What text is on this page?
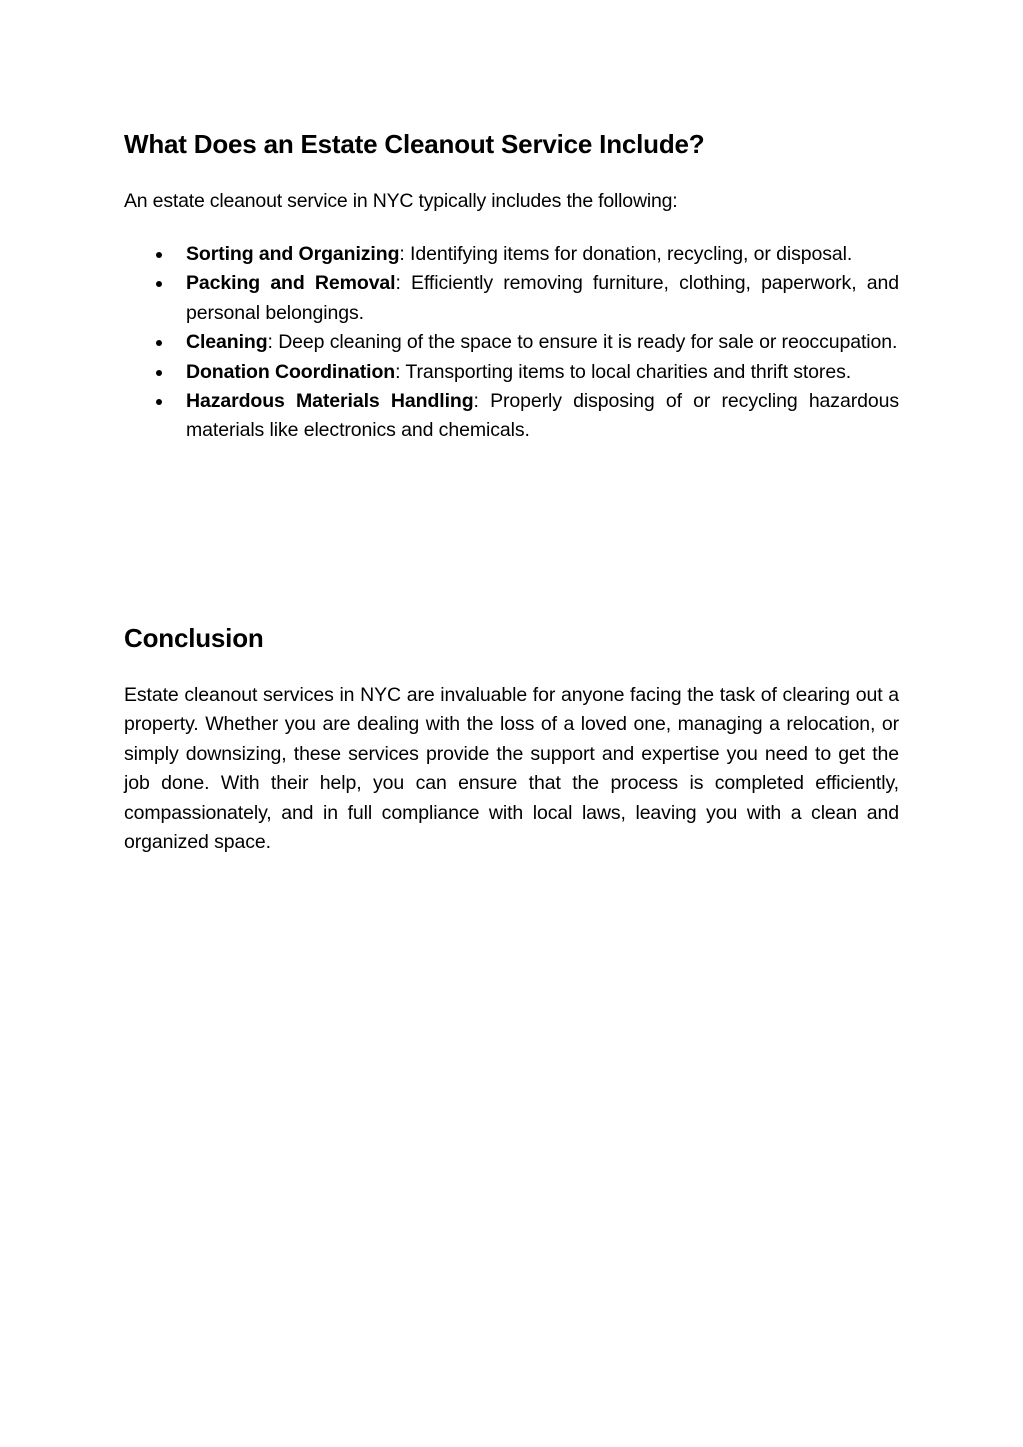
What Does an Estate Cleanout Service Include?
An estate cleanout service in NYC typically includes the following:
Sorting and Organizing: Identifying items for donation, recycling, or disposal.
Packing and Removal: Efficiently removing furniture, clothing, paperwork, and personal belongings.
Cleaning: Deep cleaning of the space to ensure it is ready for sale or reoccupation.
Donation Coordination: Transporting items to local charities and thrift stores.
Hazardous Materials Handling: Properly disposing of or recycling hazardous materials like electronics and chemicals.
Conclusion
Estate cleanout services in NYC are invaluable for anyone facing the task of clearing out a property. Whether you are dealing with the loss of a loved one, managing a relocation, or simply downsizing, these services provide the support and expertise you need to get the job done. With their help, you can ensure that the process is completed efficiently, compassionately, and in full compliance with local laws, leaving you with a clean and organized space.
